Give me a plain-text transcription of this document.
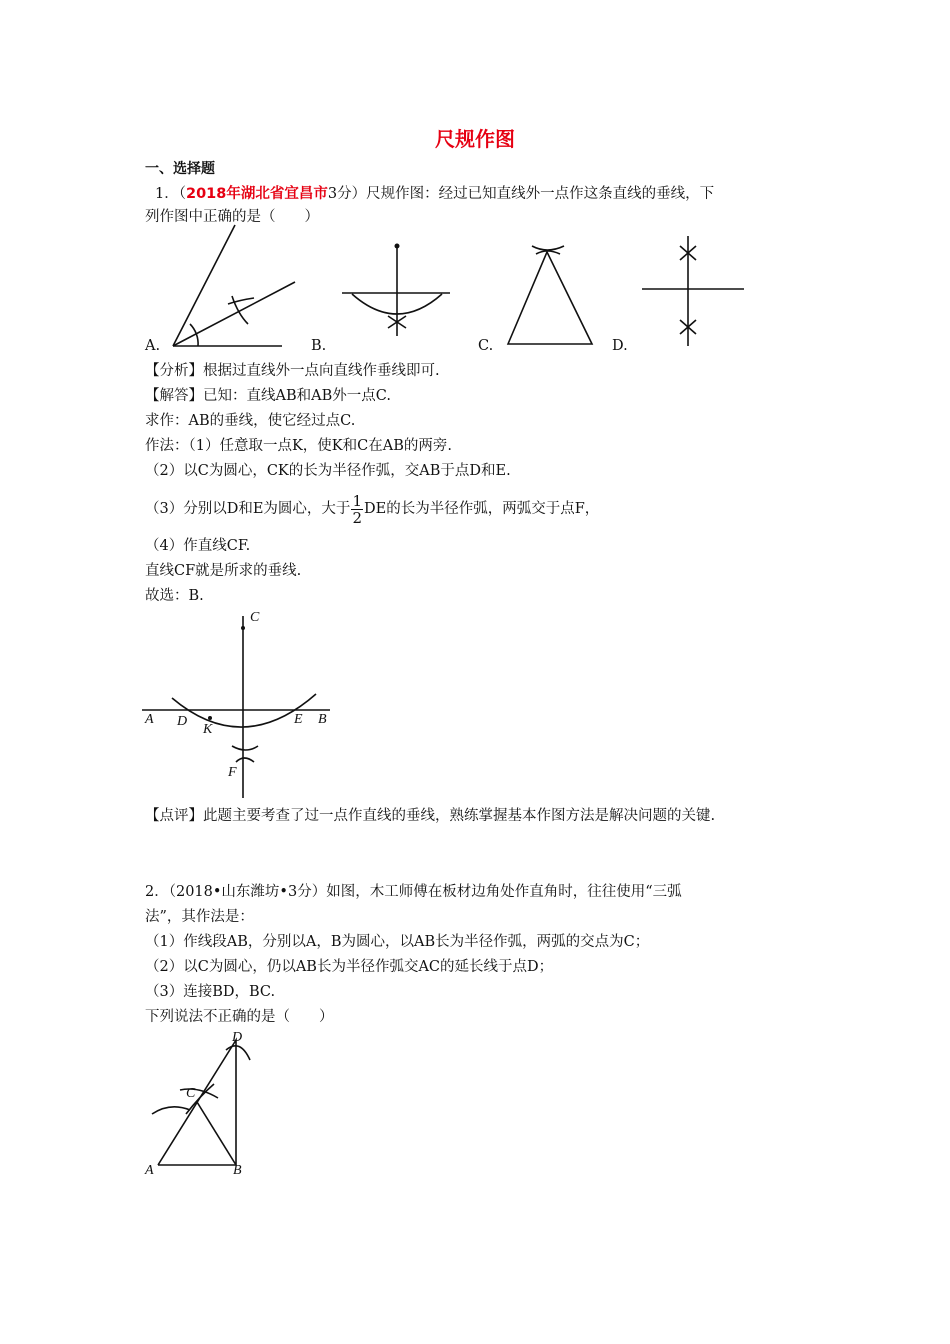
尺规作图
一、选择题
1．（2018年湖北省宜昌市3分）尺规作图：经过已知直线外一点作这条直线的垂线，下
列作图中正确的是（　　）
A.	B.	C.	D.
【分析】根据过直线外一点向直线作垂线即可.
【解答】已知：直线AB和AB外一点C.
求作：AB的垂线，使它经过点C.
作法：（1）任意取一点K，使K和C在AB的两旁.
（2）以C为圆心，CK的长为半径作弧，交AB于点D和E.
（3）分别以D和E为圆心，大于 $\frac{1}{2}$ DE的长为半径作弧，两弧交于点F，
（4）作直线CF.
直线CF就是所求的垂线.
故选：B.
C
A D
K
E B
F
【点评】此题主要考查了过一点作直线的垂线，熟练掌握基本作图方法是解决问题的关键.
2．（2018•山东潍坊•3分）如图，木工师傅在板材边角处作直角时，往往使用“三弧
法”，其作法是：
（1）作线段AB，分别以A，B为圆心，以AB长为半径作弧，两弧的交点为C；
（2）以C为圆心，仍以AB长为半径作弧交AC的延长线于点D；
（3）连接BD，BC.
下列说法不正确的是（　　）
D
C
A	B
